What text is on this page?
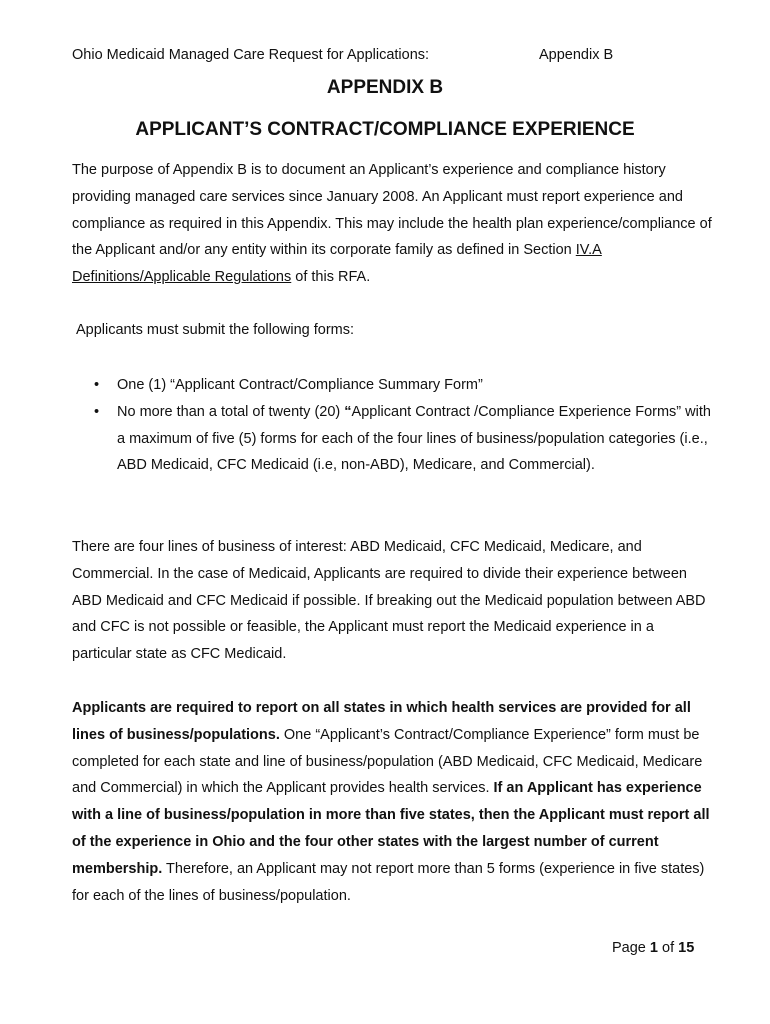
Ohio Medicaid Managed Care Request for Applications:	Appendix B
APPENDIX B
APPLICANT’S CONTRACT/COMPLIANCE EXPERIENCE
The purpose of Appendix B is to document an Applicant’s experience and compliance history providing managed care services since January 2008. An Applicant must report experience and compliance as required in this Appendix. This may include the health plan experience/compliance of the Applicant and/or any entity within its corporate family as defined in Section IV.A Definitions/Applicable Regulations of this RFA.
Applicants must submit the following forms:
• One (1) “Applicant Contract/Compliance Summary Form”
• No more than a total of twenty (20) “Applicant Contract /Compliance Experience Forms” with a maximum of five (5) forms for each of the four lines of business/population categories (i.e., ABD Medicaid, CFC Medicaid (i.e, non-ABD), Medicare, and Commercial).
There are four lines of business of interest: ABD Medicaid, CFC Medicaid, Medicare, and Commercial. In the case of Medicaid, Applicants are required to divide their experience between ABD Medicaid and CFC Medicaid if possible. If breaking out the Medicaid population between ABD and CFC is not possible or feasible, the Applicant must report the Medicaid experience in a particular state as CFC Medicaid.
Applicants are required to report on all states in which health services are provided for all lines of business/populations. One “Applicant’s Contract/Compliance Experience” form must be completed for each state and line of business/population (ABD Medicaid, CFC Medicaid, Medicare and Commercial) in which the Applicant provides health services. If an Applicant has experience with a line of business/population in more than five states, then the Applicant must report all of the experience in Ohio and the four other states with the largest number of current membership. Therefore, an Applicant may not report more than 5 forms (experience in five states) for each of the lines of business/population.
Page 1 of 15
